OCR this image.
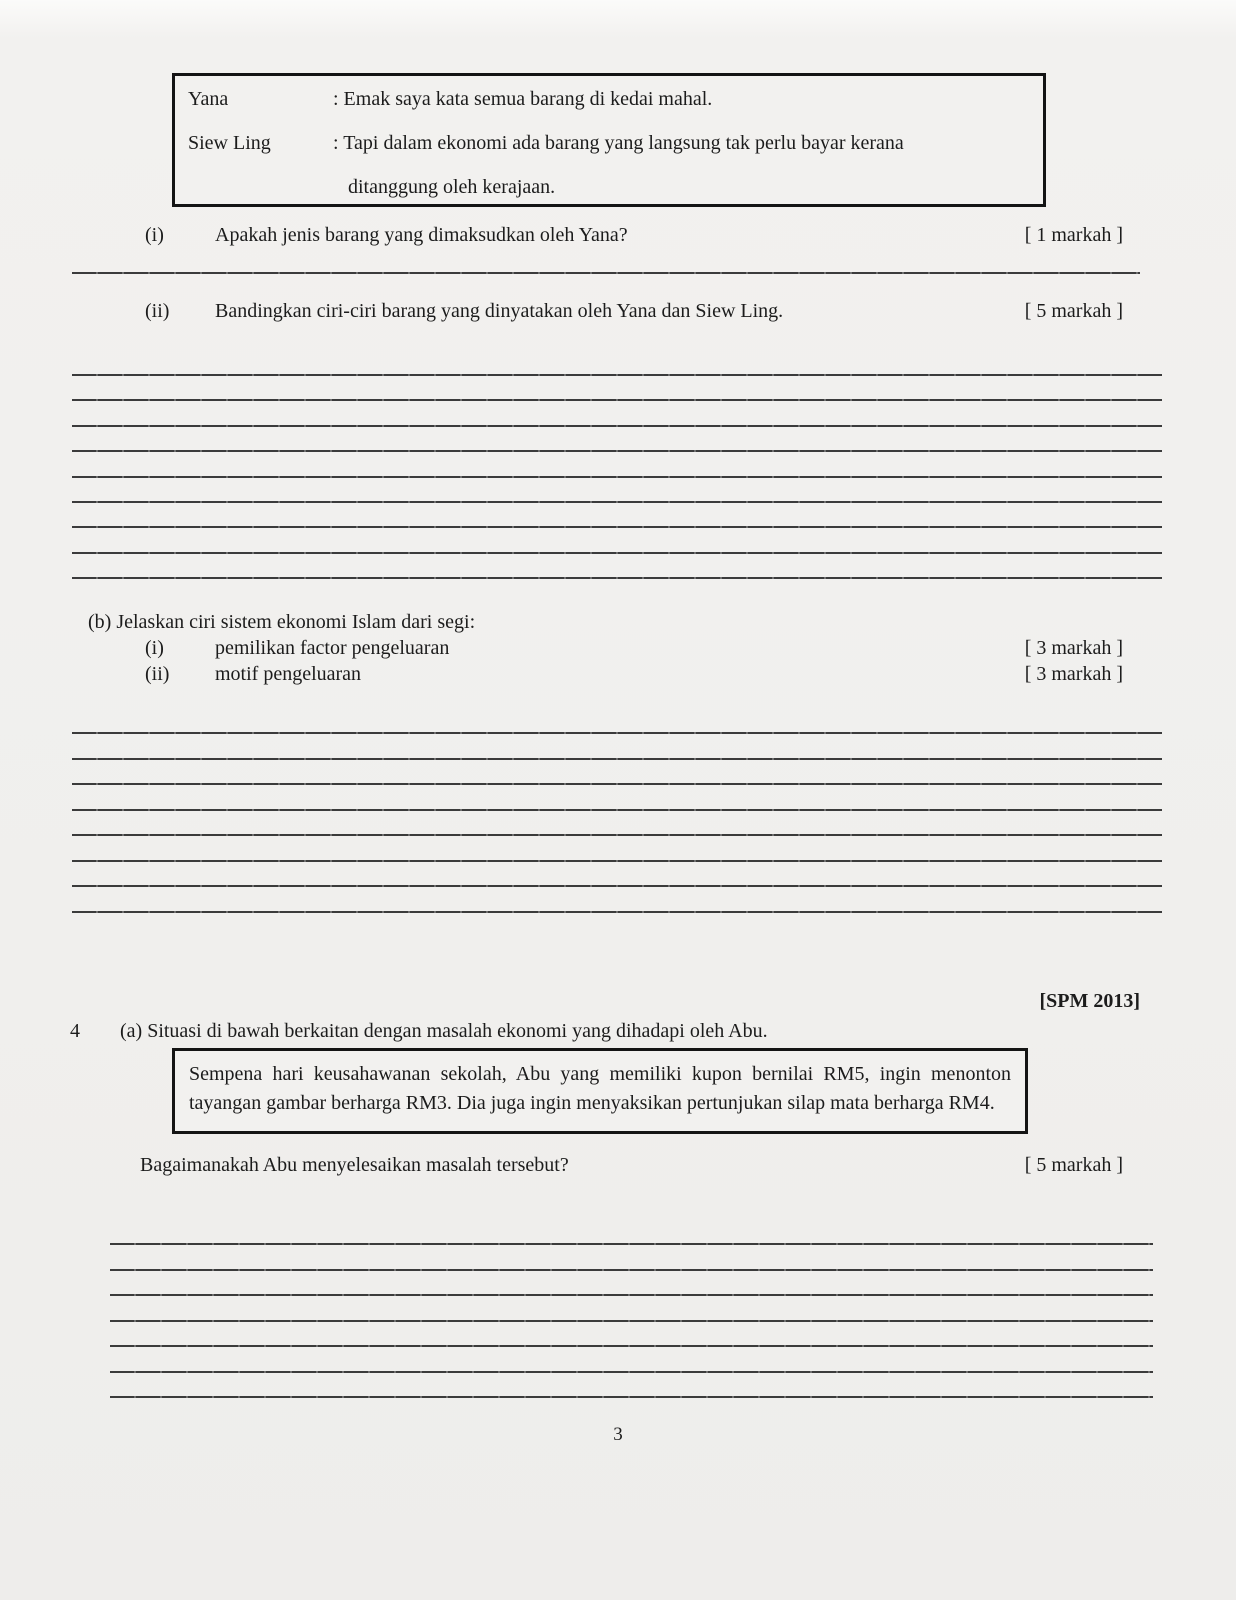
Yana	: Emak saya kata semua barang di kedai mahal.
Siew Ling	: Tapi dalam ekonomi ada barang yang langsung tak perlu bayar kerana
ditanggung oleh kerajaan.
(i)	Apakah jenis barang yang dimaksudkan oleh Yana?	[ 1 markah ]
(ii) Bandingkan ciri-ciri barang yang dinyatakan oleh Yana dan Siew Ling.	[ 5 markah ]
(b) Jelaskan ciri sistem ekonomi Islam dari segi:
(i)	pemilikan factor pengeluaran	[ 3 markah ]
(ii) motif pengeluaran	[ 3 markah ]
[SPM 2013]
4 (a) Situasi di bawah berkaitan dengan masalah ekonomi yang dihadapi oleh Abu.
Sempena hari keusahawanan sekolah, Abu yang memiliki kupon bernilai RM5, ingin menonton tayangan gambar berharga RM3. Dia juga ingin menyaksikan pertunjukan silap mata berharga RM4.
Bagaimanakah Abu menyelesaikan masalah tersebut?	[ 5 markah ]
3
